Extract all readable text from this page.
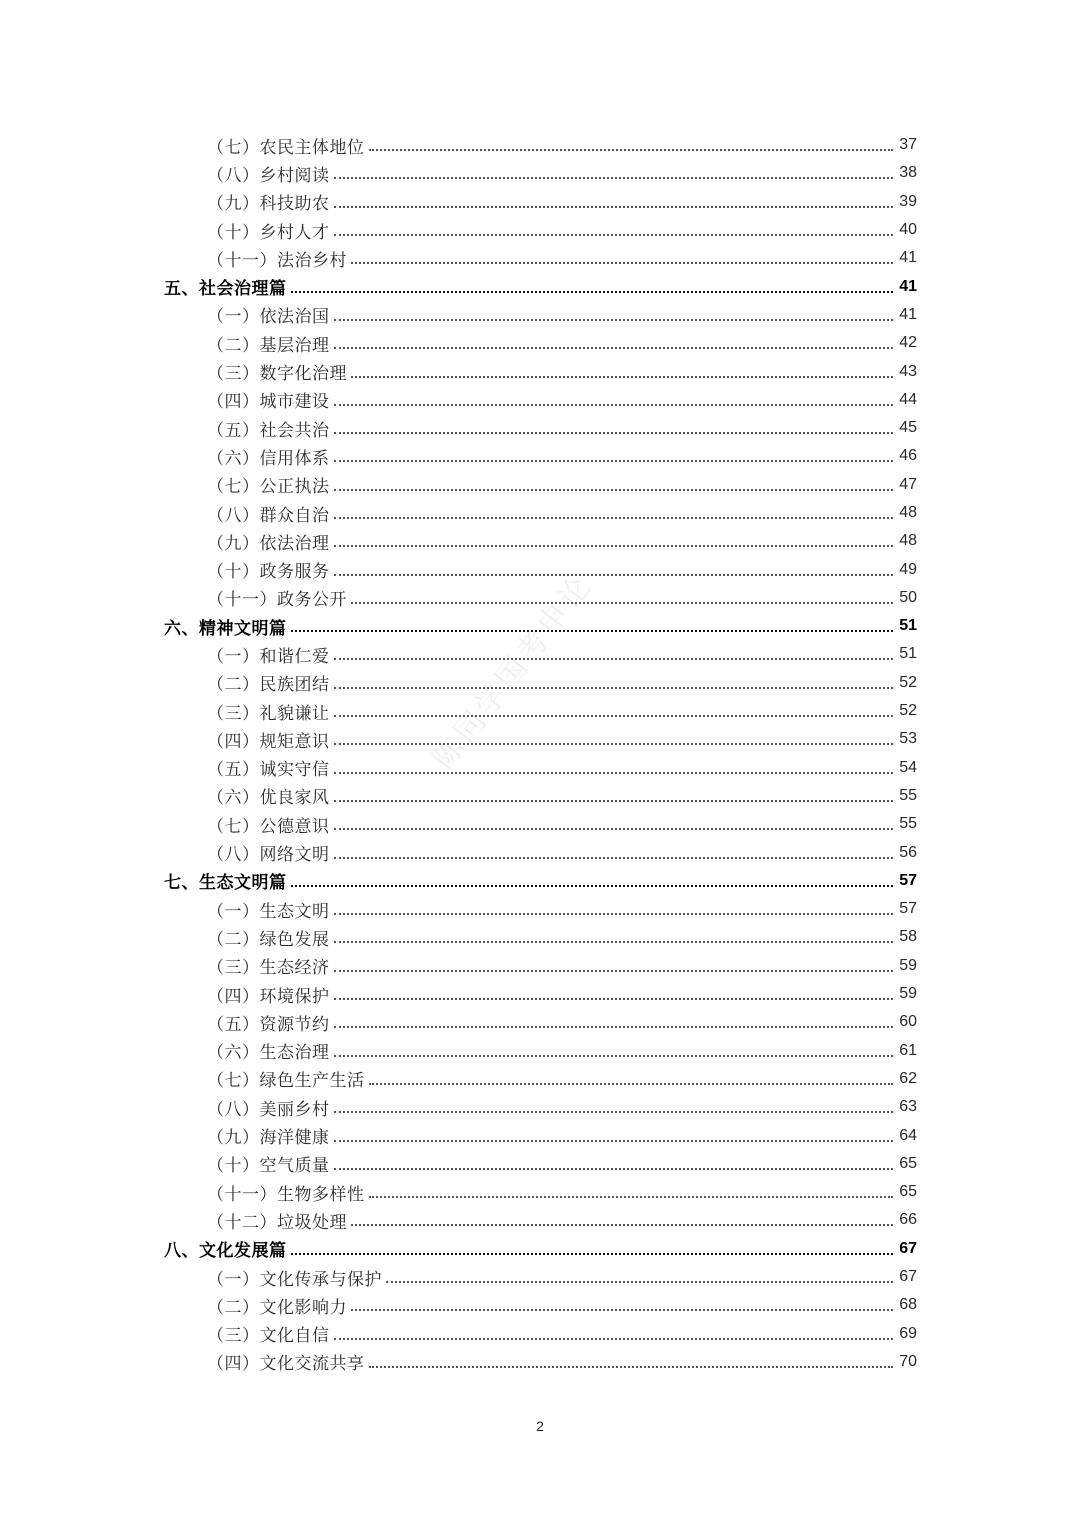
（七）农民主体地位	37
（八）乡村阅读	38
（九）科技助农	39
（十）乡村人才	40
（十一）法治乡村	41
五、社会治理篇	41
（一）依法治国	41
（二）基层治理	42
（三）数字化治理	43
（四）城市建设	44
（五）社会共治	45
（六）信用体系	46
（七）公正执法	47
（八）群众自治	48
（九）依法治理	48
（十）政务服务	49
（十一）政务公开	50
六、精神文明篇	51
（一）和谐仁爱	51
（二）民族团结	52
（三）礼貌谦让	52
（四）规矩意识	53
（五）诚实守信	54
（六）优良家风	55
（七）公德意识	55
（八）网络文明	56
七、生态文明篇	57
（一）生态文明	57
（二）绿色发展	58
（三）生态经济	59
（四）环境保护	59
（五）资源节约	60
（六）生态治理	61
（七）绿色生产生活	62
（八）美丽乡村	63
（九）海洋健康	64
（十）空气质量	65
（十一）生物多样性	65
（十二）垃圾处理	66
八、文化发展篇	67
（一）文化传承与保护	67
（二）文化影响力	68
（三）文化自信	69
（四）文化交流共享	70
陈同学国考申论
2
